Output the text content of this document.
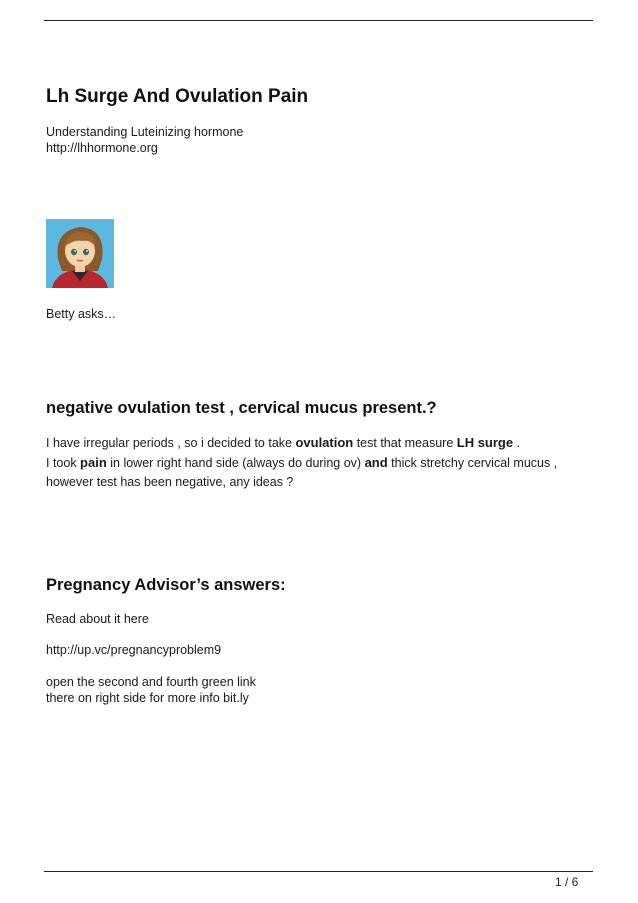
Lh Surge And Ovulation Pain
Understanding Luteinizing hormone
http://lhhormone.org
Betty asks…
negative ovulation test , cervical mucus present.?
I have irregular periods , so i decided to take ovulation test that measure LH surge .
I took pain in lower right hand side (always do during ov) and thick stretchy cervical mucus ,
however test has been negative, any ideas ?
Pregnancy Advisor’s answers:
Read about it here
http://up.vc/pregnancyproblem9
open the second and fourth green link
there on right side for more info bit.ly
1 / 6
